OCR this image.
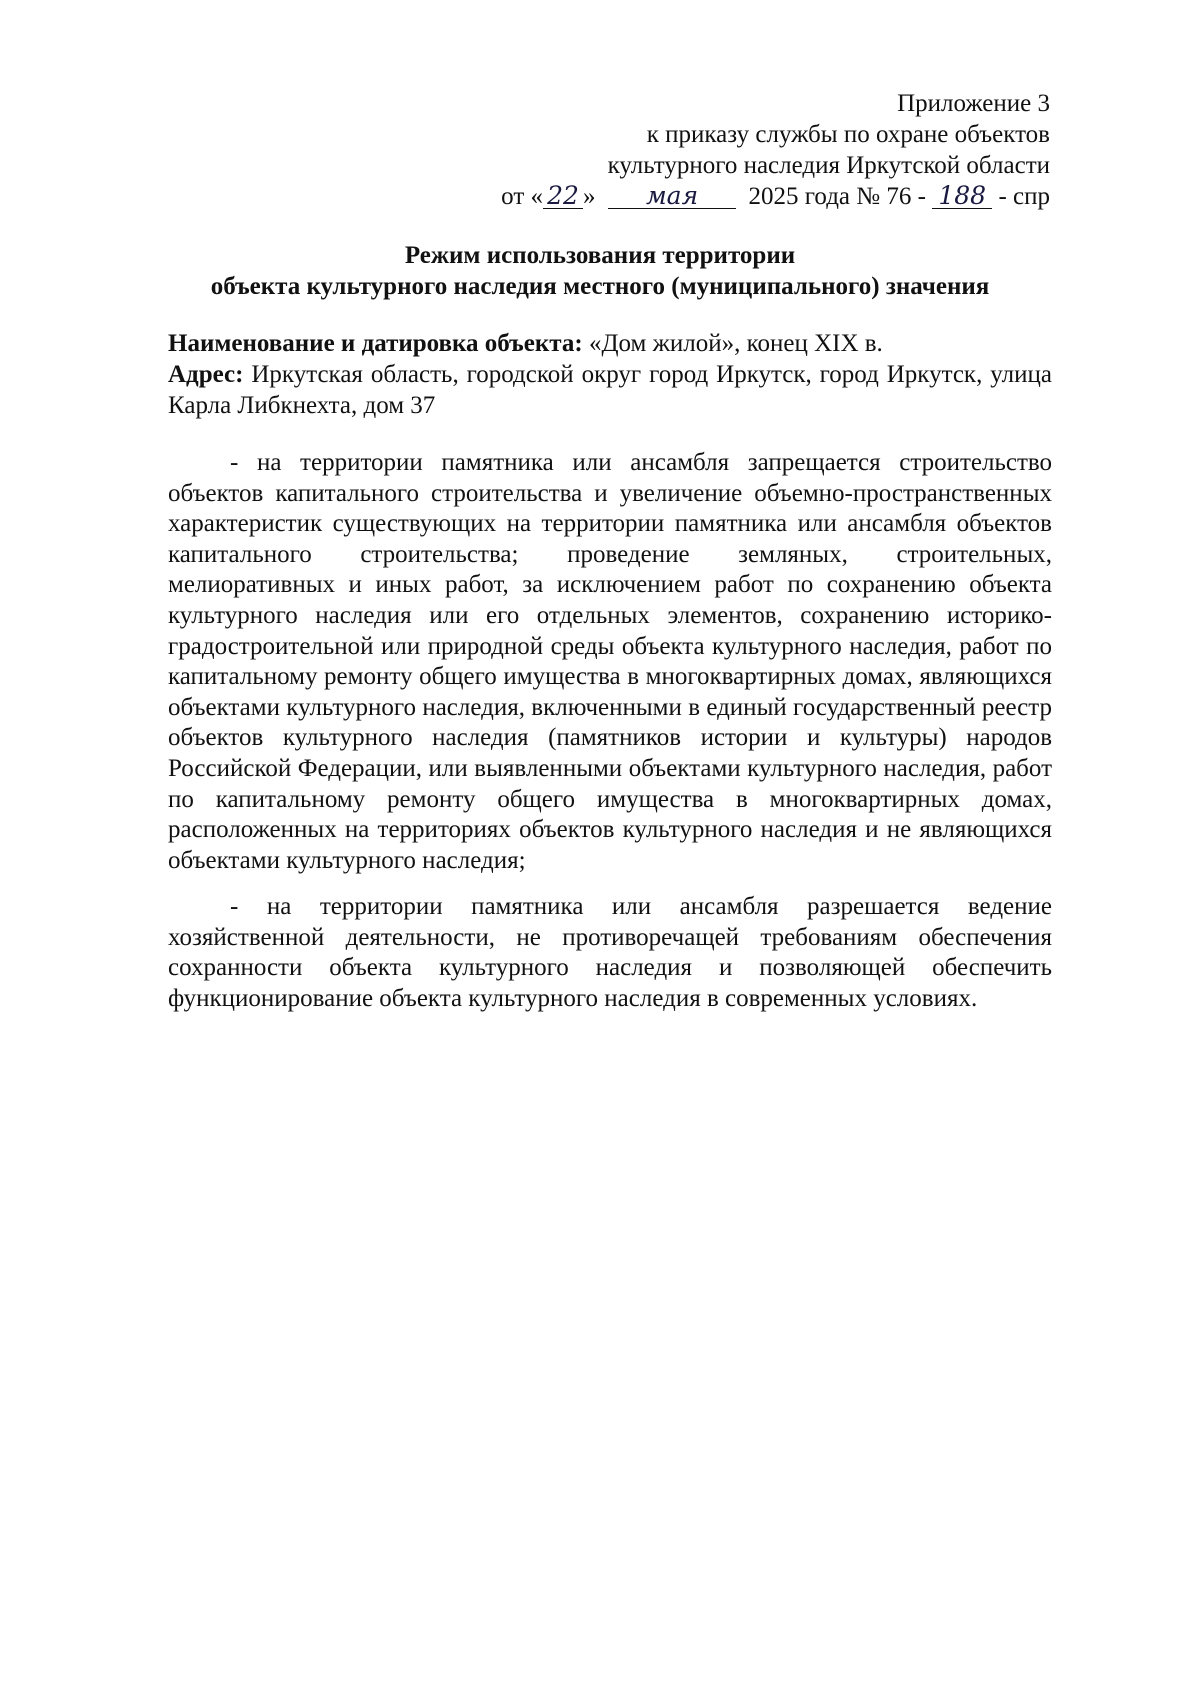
Приложение 3
к приказу службы по охране объектов
культурного наследия Иркутской области
от « 22 » мая 2025 года № 76 - 188 - спр
Режим использования территории
объекта культурного наследия местного (муниципального) значения
Наименование и датировка объекта: «Дом жилой», конец XIX в.
Адрес: Иркутская область, городской округ город Иркутск, город Иркутск, улица Карла Либкнехта, дом 37
- на территории памятника или ансамбля запрещается строительство объектов капитального строительства и увеличение объемно-пространственных характеристик существующих на территории памятника или ансамбля объектов капитального строительства; проведение земляных, строительных, мелиоративных и иных работ, за исключением работ по сохранению объекта культурного наследия или его отдельных элементов, сохранению историко-градостроительной или природной среды объекта культурного наследия, работ по капитальному ремонту общего имущества в многоквартирных домах, являющихся объектами культурного наследия, включенными в единый государственный реестр объектов культурного наследия (памятников истории и культуры) народов Российской Федерации, или выявленными объектами культурного наследия, работ по капитальному ремонту общего имущества в многоквартирных домах, расположенных на территориях объектов культурного наследия и не являющихся объектами культурного наследия;
- на территории памятника или ансамбля разрешается ведение хозяйственной деятельности, не противоречащей требованиям обеспечения сохранности объекта культурного наследия и позволяющей обеспечить функционирование объекта культурного наследия в современных условиях.
